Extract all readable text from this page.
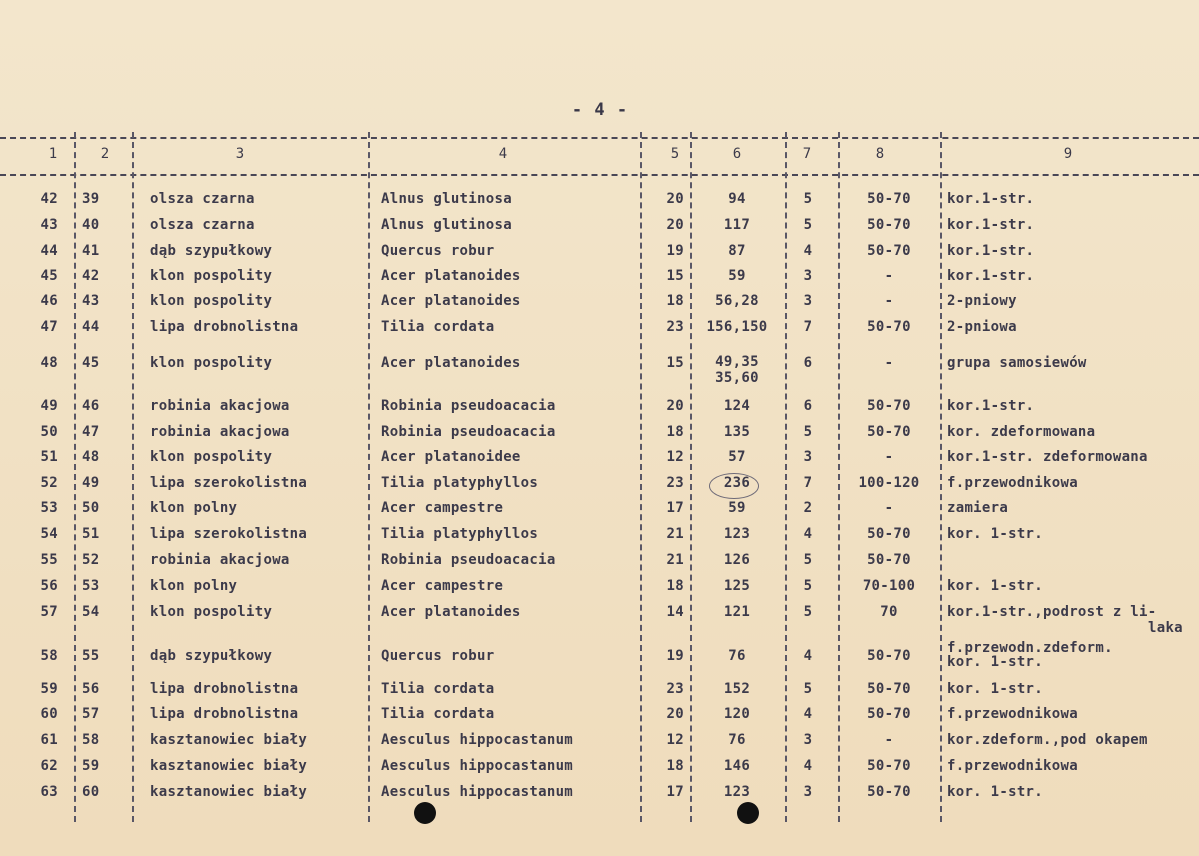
- 4 -
1	2	3	4	5	6	7	8	9
42 39	olsza czarna	Alnus glutinosa	20	94	5	50-70	kor.1-str.
43 40	olsza czarna	Alnus glutinosa	20	117	5	50-70	kor.1-str.
44 41	dąb szypułkowy	Quercus robur	19	87	4	50-70	kor.1-str.
45 42	klon pospolity	Acer platanoides	15	59	3	-	kor.1-str.
46 43	klon pospolity	Acer platanoides	18	56,28	3	-	2-pniowy
47 44	lipa drobnolistna	Tilia cordata	23	156,150	7	50-70	2-pniowa
48 45	klon pospolity	Acer platanoides	15	49,35	6	-	grupa samosiewów
35,60
49 46	robinia akacjowa	Robinia pseudoacacia	20	124	6	50-70	kor.1-str.
50 47	robinia akacjowa	Robinia pseudoacacia	18	135	5	50-70	kor. zdeformowana
51 48	klon pospolity	Acer platanoidee	12	57	3	-	kor.1-str. zdeformowana
52 49	lipa szerokolistna	Tilia platyphyllos	23	236	7	100-120	f.przewodnikowa
53 50	klon polny	Acer campestre	17	59	2	-	zamiera
54 51	lipa szerokolistna	Tilia platyphyllos	21	123	4	50-70	kor. 1-str.
55 52	robinia akacjowa	Robinia pseudoacacia	21	126	5	50-70
56 53	klon polny	Acer campestre	18	125	5	70-100	kor. 1-str.
57 54	klon pospolity	Acer platanoides	14	121	5	70	kor.1-str.,podrost z li-
laka
58 55	dąb szypułkowy	Quercus robur	19	76	4	50-70	f.przewodn.zdeform.
kor. 1-str.
59 56	lipa drobnolistna	Tilia cordata	23	152	5	50-70	kor. 1-str.
60 57	lipa drobnolistna	Tilia cordata	20	120	4	50-70	f.przewodnikowa
61 58	kasztanowiec biały	Aesculus hippocastanum	12	76	3	-	kor.zdeform.,pod okapem
62 59	kasztanowiec biały	Aesculus hippocastanum	18	146	4	50-70	f.przewodnikowa
63 60	kasztanowiec biały	Aesculus hippocastanum	17	123	3	50-70	kor. 1-str.
